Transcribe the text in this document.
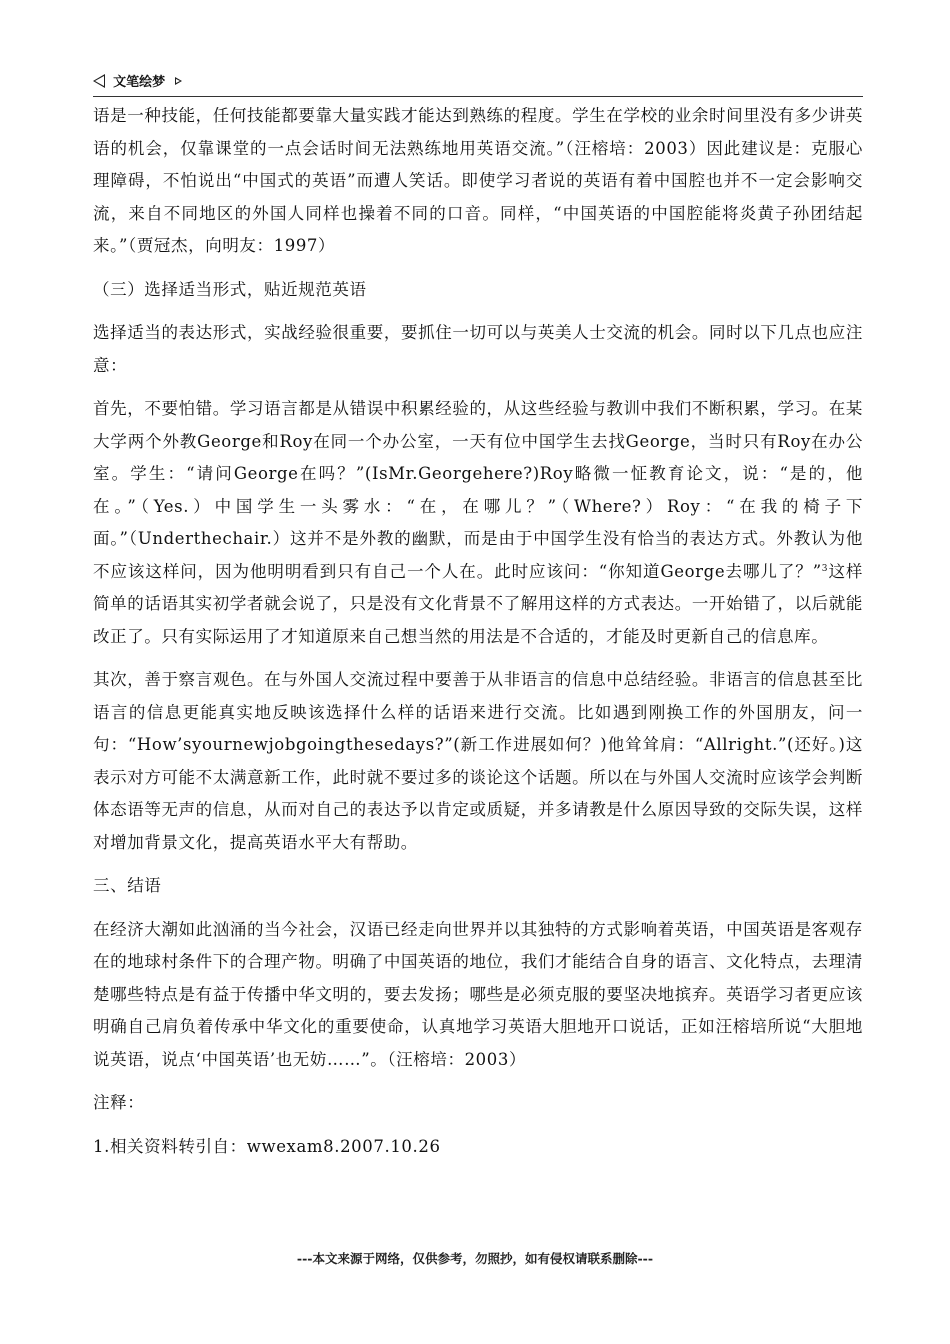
文笔绘梦

语是一种技能，任何技能都要靠大量实践才能达到熟练的程度。学生在学校的业余时间里没有多少讲英语的机会，仅靠课堂的一点会话时间无法熟练地用英语交流。”（汪榕培：2003）因此建议是：克服心理障碍，不怕说出“中国式的英语”而遭人笑话。即使学习者说的英语有着中国腔也并不一定会影响交流，来自不同地区的外国人同样也操着不同的口音。同样，“中国英语的中国腔能将炎黄子孙团结起来。”（贾冠杰，向明友：1997）

（三）选择适当形式，贴近规范英语

选择适当的表达形式，实战经验很重要，要抓住一切可以与英美人士交流的机会。同时以下几点也应注意：

首先，不要怕错。学习语言都是从错误中积累经验的，从这些经验与教训中我们不断积累，学习。在某大学两个外教George和Roy在同一个办公室，一天有位中国学生去找George，当时只有Roy在办公室。学生：“请问George在吗？”(IsMr.Georgehere?)Roy略微一怔教育论文，说：“是的，他在。”（Yes.）中国学生一头雾水：“在，在哪儿？”（Where?）Roy：“在我的椅子下面。”（Underthechair.）这并不是外教的幽默，而是由于中国学生没有恰当的表达方式。外教认为他不应该这样问，因为他明明看到只有自己一个人在。此时应该问：“你知道George去哪儿了？”$^3$这样简单的话语其实初学者就会说了，只是没有文化背景不了解用这样的方式表达。一开始错了，以后就能改正了。只有实际运用了才知道原来自己想当然的用法是不合适的，才能及时更新自己的信息库。

其次，善于察言观色。在与外国人交流过程中要善于从非语言的信息中总结经验。非语言的信息甚至比语言的信息更能真实地反映该选择什么样的话语来进行交流。比如遇到刚换工作的外国朋友，问一句：“How’syournewjobgoingthesedays?”(新工作进展如何？)他耸耸肩：“Allright.”(还好。)这表示对方可能不太满意新工作，此时就不要过多的谈论这个话题。所以在与外国人交流时应该学会判断体态语等无声的信息，从而对自己的表达予以肯定或质疑，并多请教是什么原因导致的交际失误，这样对增加背景文化，提高英语水平大有帮助。

三、结语

在经济大潮如此汹涌的当今社会，汉语已经走向世界并以其独特的方式影响着英语，中国英语是客观存在的地球村条件下的合理产物。明确了中国英语的地位，我们才能结合自身的语言、文化特点，去理清楚哪些特点是有益于传播中华文明的，要去发扬；哪些是必须克服的要坚决地摈弃。英语学习者更应该明确自己肩负着传承中华文化的重要使命，认真地学习英语大胆地开口说话，正如汪榕培所说“大胆地说英语，说点‘中国英语’也无妨……”。（汪榕培：2003）

注释：

1.相关资料转引自：wwexam8.2007.10.26

---本文来源于网络，仅供参考，勿照抄，如有侵权请联系删除---
